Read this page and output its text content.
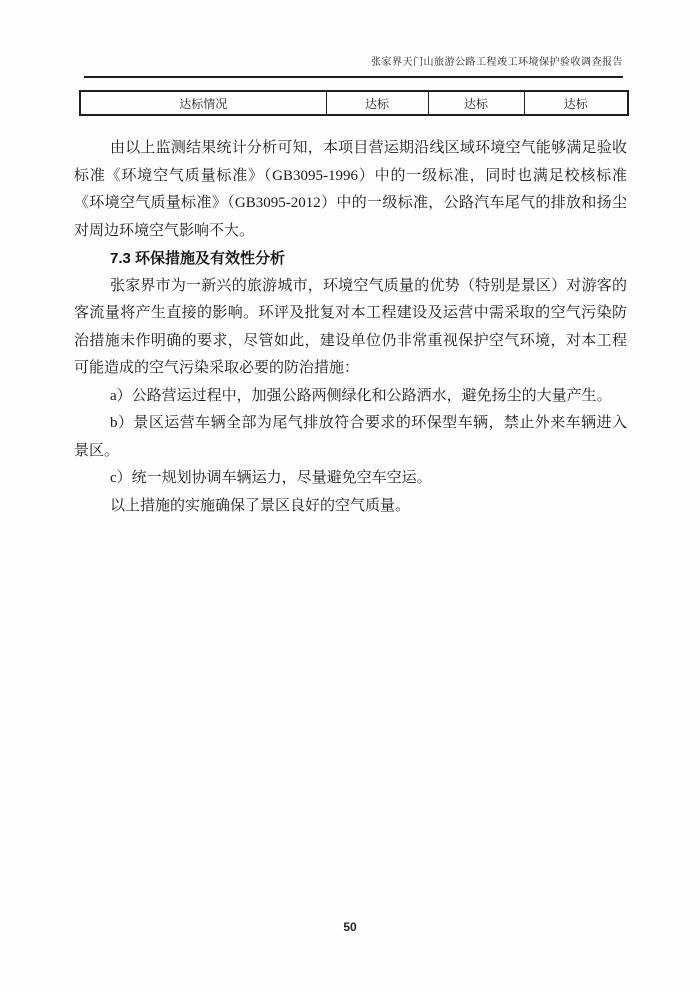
张家界天门山旅游公路工程竣工环境保护验收调查报告
达标情况	达标	达标	达标

由以上监测结果统计分析可知，本项目营运期沿线区域环境空气能够满足验收标准《环境空气质量标准》（GB3095-1996）中的一级标准，同时也满足校核标准《环境空气质量标准》（GB3095-2012）中的一级标准，公路汽车尾气的排放和扬尘对周边环境空气影响不大。

7.3 环保措施及有效性分析

张家界市为一新兴的旅游城市，环境空气质量的优势（特别是景区）对游客的客流量将产生直接的影响。环评及批复对本工程建设及运营中需采取的空气污染防治措施未作明确的要求，尽管如此，建设单位仍非常重视保护空气环境，对本工程可能造成的空气污染采取必要的防治措施：

a）公路营运过程中，加强公路两侧绿化和公路洒水，避免扬尘的大量产生。

b）景区运营车辆全部为尾气排放符合要求的环保型车辆，禁止外来车辆进入景区。

c）统一规划协调车辆运力，尽量避免空车空运。

以上措施的实施确保了景区良好的空气质量。

50
